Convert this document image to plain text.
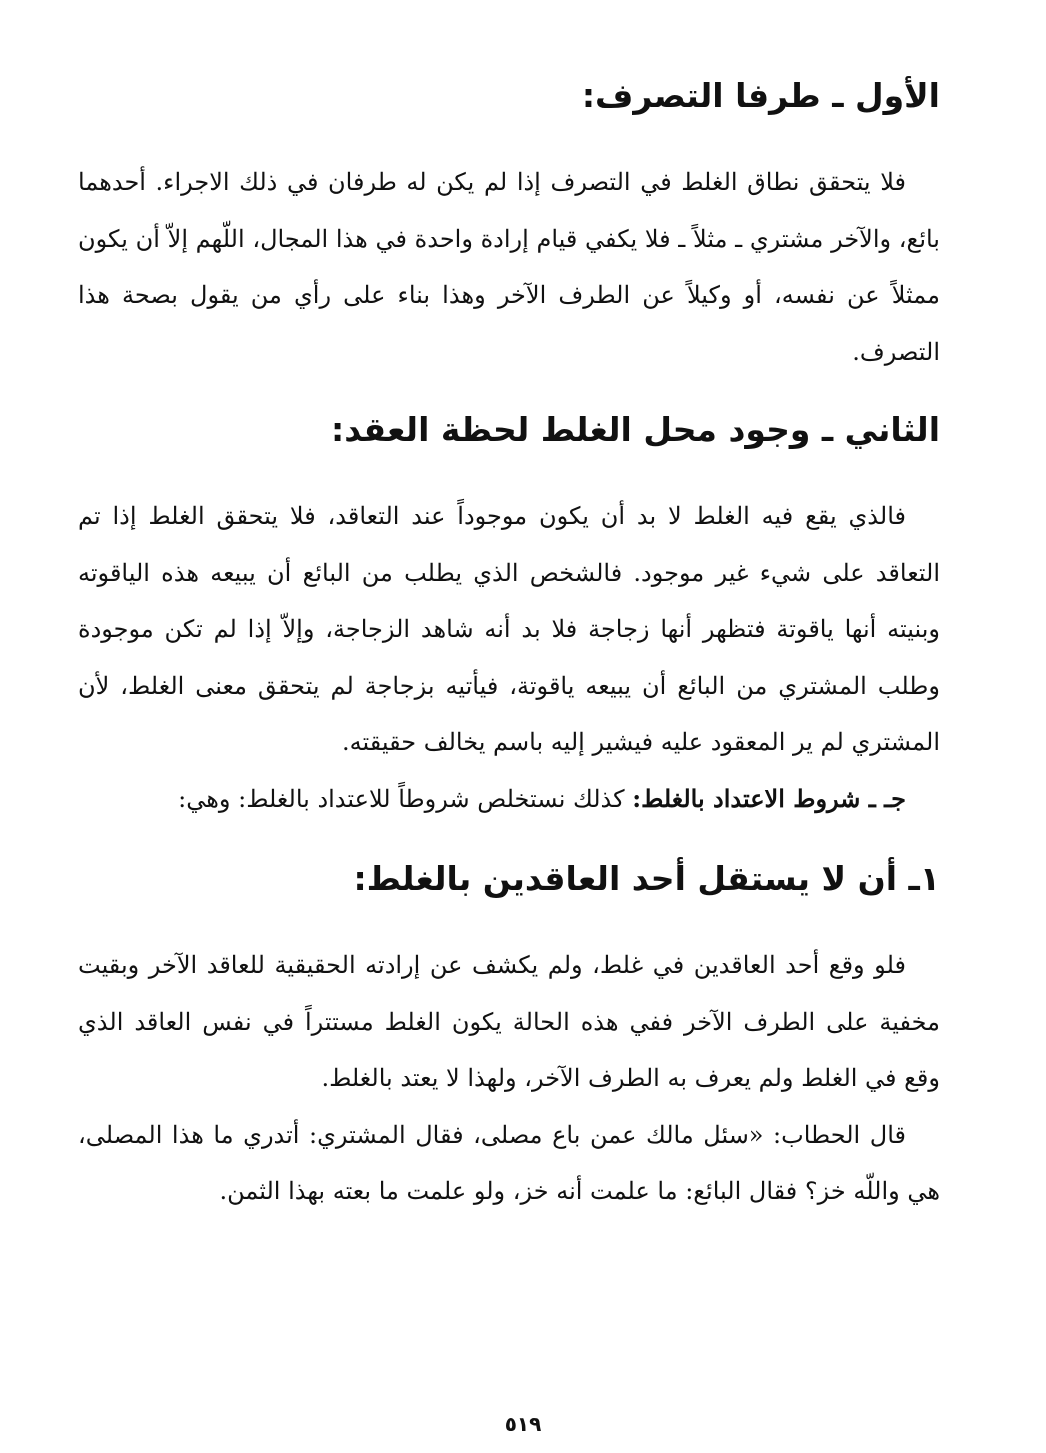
الأول ـ طرفا التصرف:

فلا يتحقق نطاق الغلط في التصرف إذا لم يكن له طرفان في ذلك الاجراء. أحدهما بائع، والآخر مشتري ـ مثلاً ـ فلا يكفي قيام إرادة واحدة في هذا المجال، اللّهم إلاّ أن يكون ممثلاً عن نفسه، أو وكيلاً عن الطرف الآخر وهذا بناء على رأي من يقول بصحة هذا التصرف.

الثاني ـ وجود محل الغلط لحظة العقد:

فالذي يقع فيه الغلط لا بد أن يكون موجوداً عند التعاقد، فلا يتحقق الغلط إذا تم التعاقد على شيء غير موجود. فالشخص الذي يطلب من البائع أن يبيعه هذه الياقوته وبنيته أنها ياقوتة فتظهر أنها زجاجة فلا بد أنه شاهد الزجاجة، وإلاّ إذا لم تكن موجودة وطلب المشتري من البائع أن يبيعه ياقوتة، فيأتيه بزجاجة لم يتحقق معنى الغلط، لأن المشتري لم ير المعقود عليه فيشير إليه باسم يخالف حقيقته.

جـ ـ شروط الاعتداد بالغلط: كذلك نستخلص شروطاً للاعتداد بالغلط: وهي:

١ـ أن لا يستقل أحد العاقدين بالغلط:

فلو وقع أحد العاقدين في غلط، ولم يكشف عن إرادته الحقيقية للعاقد الآخر وبقيت مخفية على الطرف الآخر ففي هذه الحالة يكون الغلط مستتراً في نفس العاقد الذي وقع في الغلط ولم يعرف به الطرف الآخر، ولهذا لا يعتد بالغلط.

قال الحطاب: «سئل مالك عمن باع مصلى، فقال المشتري: أتدري ما هذا المصلى، هي واللّه خز؟ فقال البائع: ما علمت أنه خز، ولو علمت ما بعته بهذا الثمن.

٥١٩
